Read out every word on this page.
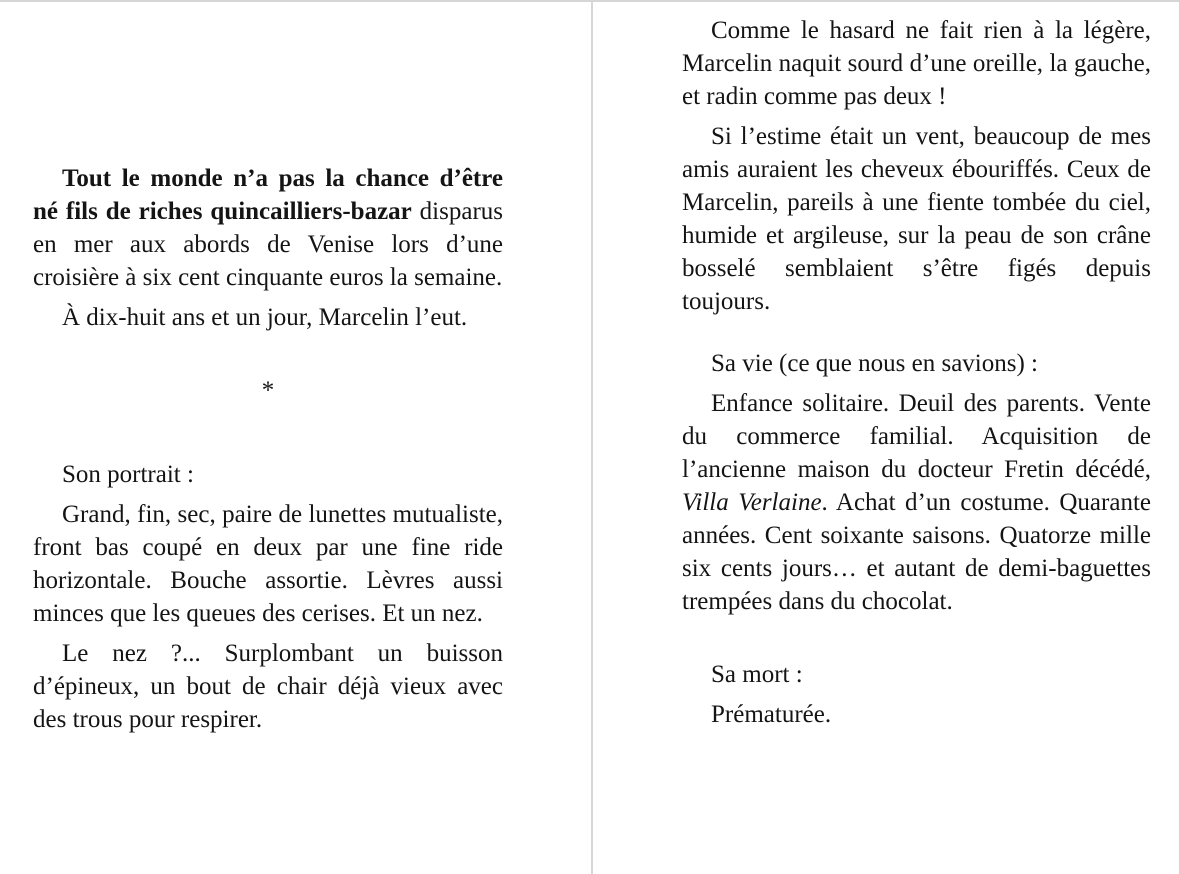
Tout le monde n’a pas la chance d’être né fils de riches quincailliers-bazar disparus en mer aux abords de Venise lors d’une croisière à six cent cinquante euros la semaine.

À dix-huit ans et un jour, Marcelin l’eut.

*

Son portrait :

Grand, fin, sec, paire de lunettes mutualiste, front bas coupé en deux par une fine ride horizontale. Bouche assortie. Lèvres aussi minces que les queues des cerises. Et un nez.

Le nez ?... Surplombant un buisson d’épineux, un bout de chair déjà vieux avec des trous pour respirer.

Comme le hasard ne fait rien à la légère, Marcelin naquit sourd d’une oreille, la gauche, et radin comme pas deux !

Si l’estime était un vent, beaucoup de mes amis auraient les cheveux ébouriffés. Ceux de Marcelin, pareils à une fiente tombée du ciel, humide et argileuse, sur la peau de son crâne bosselé semblaient s’être figés depuis toujours.

Sa vie (ce que nous en savions) :

Enfance solitaire. Deuil des parents. Vente du commerce familial. Acquisition de l’ancienne maison du docteur Fretin décédé, Villa Verlaine. Achat d’un costume. Quarante années. Cent soixante saisons. Quatorze mille six cents jours… et autant de demi-baguettes trempées dans du chocolat.

Sa mort :

Prématurée.
